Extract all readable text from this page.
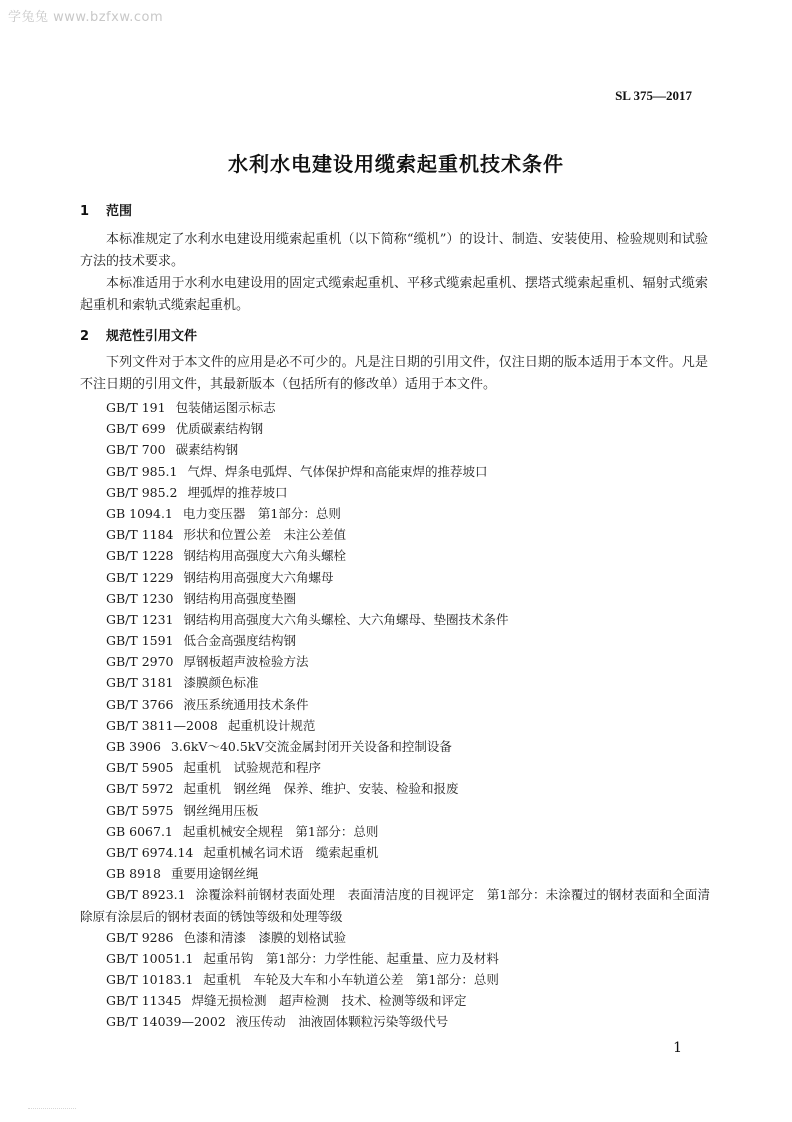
学兔兔 www.bzfxw.com
SL 375—2017
水利水电建设用缆索起重机技术条件
1 范围

本标准规定了水利水电建设用缆索起重机（以下简称“缆机”）的设计、制造、安装使用、检验规则和试验方法的技术要求。

本标准适用于水利水电建设用的固定式缆索起重机、平移式缆索起重机、摆塔式缆索起重机、辐射式缆索起重机和索轨式缆索起重机。

2 规范性引用文件

下列文件对于本文件的应用是必不可少的。凡是注日期的引用文件，仅注日期的版本适用于本文件。凡是不注日期的引用文件，其最新版本（包括所有的修改单）适用于本文件。

GB/T 191 包装储运图示标志
GB/T 699 优质碳素结构钢
GB/T 700 碳素结构钢
GB/T 985.1 气焊、焊条电弧焊、气体保护焊和高能束焊的推荐坡口
GB/T 985.2 埋弧焊的推荐坡口
GB 1094.1 电力变压器　第1部分：总则
GB/T 1184 形状和位置公差　未注公差值
GB/T 1228 钢结构用高强度大六角头螺栓
GB/T 1229 钢结构用高强度大六角螺母
GB/T 1230 钢结构用高强度垫圈
GB/T 1231 钢结构用高强度大六角头螺栓、大六角螺母、垫圈技术条件
GB/T 1591 低合金高强度结构钢
GB/T 2970 厚钢板超声波检验方法
GB/T 3181 漆膜颜色标准
GB/T 3766 液压系统通用技术条件
GB/T 3811—2008 起重机设计规范
GB 3906 3.6kV～40.5kV交流金属封闭开关设备和控制设备
GB/T 5905 起重机　试验规范和程序
GB/T 5972 起重机　钢丝绳　保养、维护、安装、检验和报废
GB/T 5975 钢丝绳用压板
GB 6067.1 起重机械安全规程　第1部分：总则
GB/T 6974.14 起重机械名词术语　缆索起重机
GB 8918 重要用途钢丝绳
GB/T 8923.1 涂覆涂料前钢材表面处理　表面清洁度的目视评定　第1部分：未涂覆过的钢材表面和全面清除原有涂层后的钢材表面的锈蚀等级和处理等级
GB/T 9286 色漆和清漆　漆膜的划格试验
GB/T 10051.1 起重吊钩　第1部分：力学性能、起重量、应力及材料
GB/T 10183.1 起重机　车轮及大车和小车轨道公差　第1部分：总则
GB/T 11345 焊缝无损检测　超声检测　技术、检测等级和评定
GB/T 14039—2002 液压传动　油液固体颗粒污染等级代号
1
